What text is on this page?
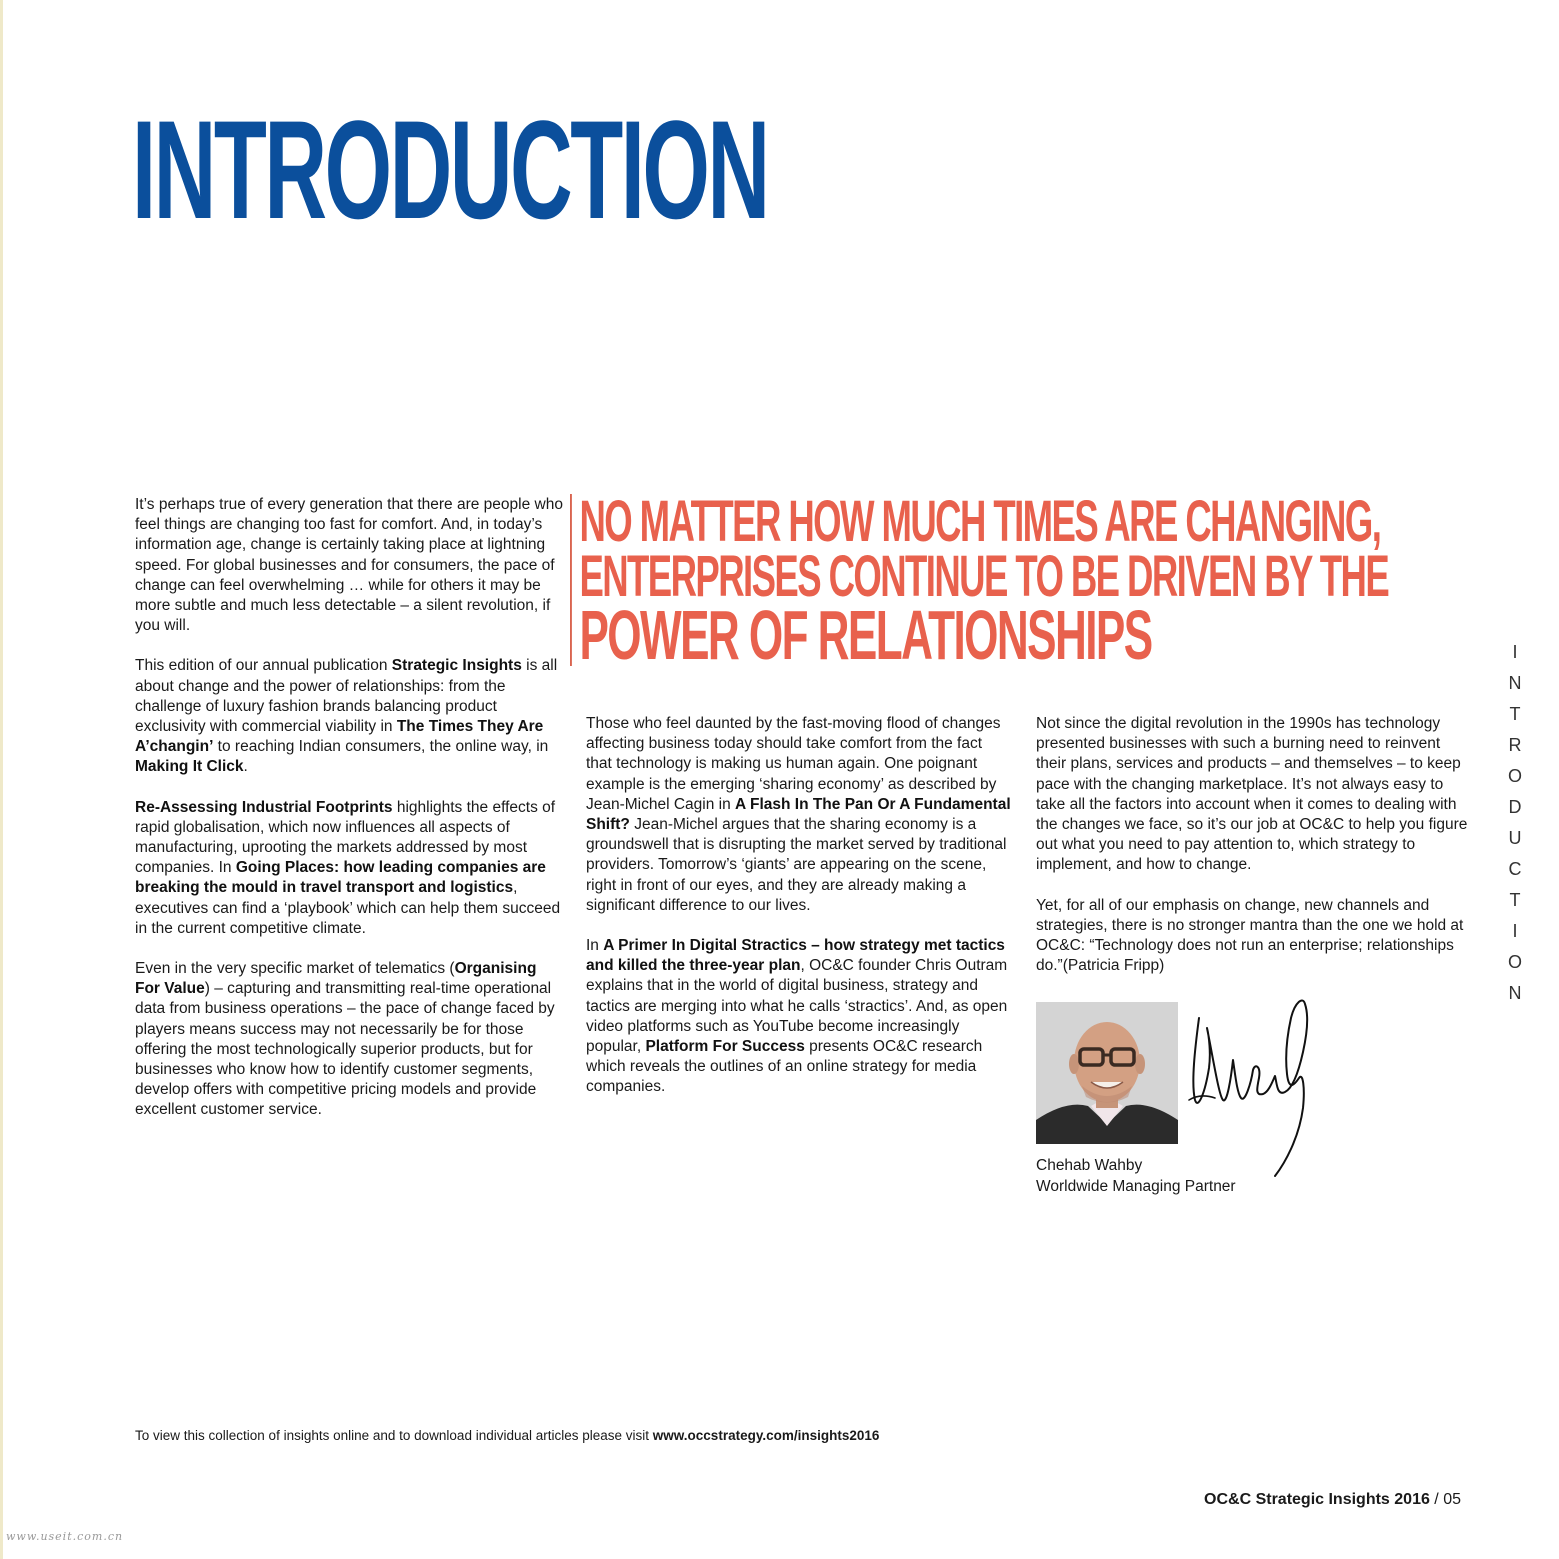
INTRODUCTION

It’s perhaps true of every generation that there are people who feel things are changing too fast for comfort. And, in today’s information age, change is certainly taking place at lightning speed. For global businesses and for consumers, the pace of change can feel overwhelming … while for others it may be more subtle and much less detectable – a silent revolution, if you will.

This edition of our annual publication Strategic Insights is all about change and the power of relationships: from the challenge of luxury fashion brands balancing product exclusivity with commercial viability in The Times They Are A’changin’ to reaching Indian consumers, the online way, in Making It Click.

Re-Assessing Industrial Footprints highlights the effects of rapid globalisation, which now influences all aspects of manufacturing, uprooting the markets addressed by most companies. In Going Places: how leading companies are breaking the mould in travel transport and logistics, executives can find a ‘playbook’ which can help them succeed in the current competitive climate.

Even in the very specific market of telematics (Organising For Value) – capturing and transmitting real-time operational data from business operations – the pace of change faced by players means success may not necessarily be for those offering the most technologically superior products, but for businesses who know how to identify customer segments, develop offers with competitive pricing models and provide excellent customer service.

NO MATTER HOW MUCH TIMES ARE CHANGING,
ENTERPRISES CONTINUE TO BE DRIVEN BY THE
POWER OF RELATIONSHIPS

Those who feel daunted by the fast-moving flood of changes affecting business today should take comfort from the fact that technology is making us human again. One poignant example is the emerging ‘sharing economy’ as described by Jean-Michel Cagin in A Flash In The Pan Or A Fundamental Shift? Jean-Michel argues that the sharing economy is a groundswell that is disrupting the market served by traditional providers. Tomorrow’s ‘giants’ are appearing on the scene, right in front of our eyes, and they are already making a significant difference to our lives.

In A Primer In Digital Stractics – how strategy met tactics and killed the three-year plan, OC&C founder Chris Outram explains that in the world of digital business, strategy and tactics are merging into what he calls ‘stractics’. And, as open video platforms such as YouTube become increasingly popular, Platform For Success presents OC&C research which reveals the outlines of an online strategy for media companies.

Not since the digital revolution in the 1990s has technology presented businesses with such a burning need to reinvent their plans, services and products – and themselves – to keep pace with the changing marketplace. It’s not always easy to take all the factors into account when it comes to dealing with the changes we face, so it’s our job at OC&C to help you figure out what you need to pay attention to, which strategy to implement, and how to change.

Yet, for all of our emphasis on change, new channels and strategies, there is no stronger mantra than the one we hold at OC&C: “Technology does not run an enterprise; relationships do.”(Patricia Fripp)

Chehab Wahby
Worldwide Managing Partner
I
N
T
R
O
D
U
C
T
I
O
N
To view this collection of insights online and to download individual articles please visit www.occstrategy.com/insights2016
OC&C Strategic Insights 2016 / 05
www.useit.com.cn
